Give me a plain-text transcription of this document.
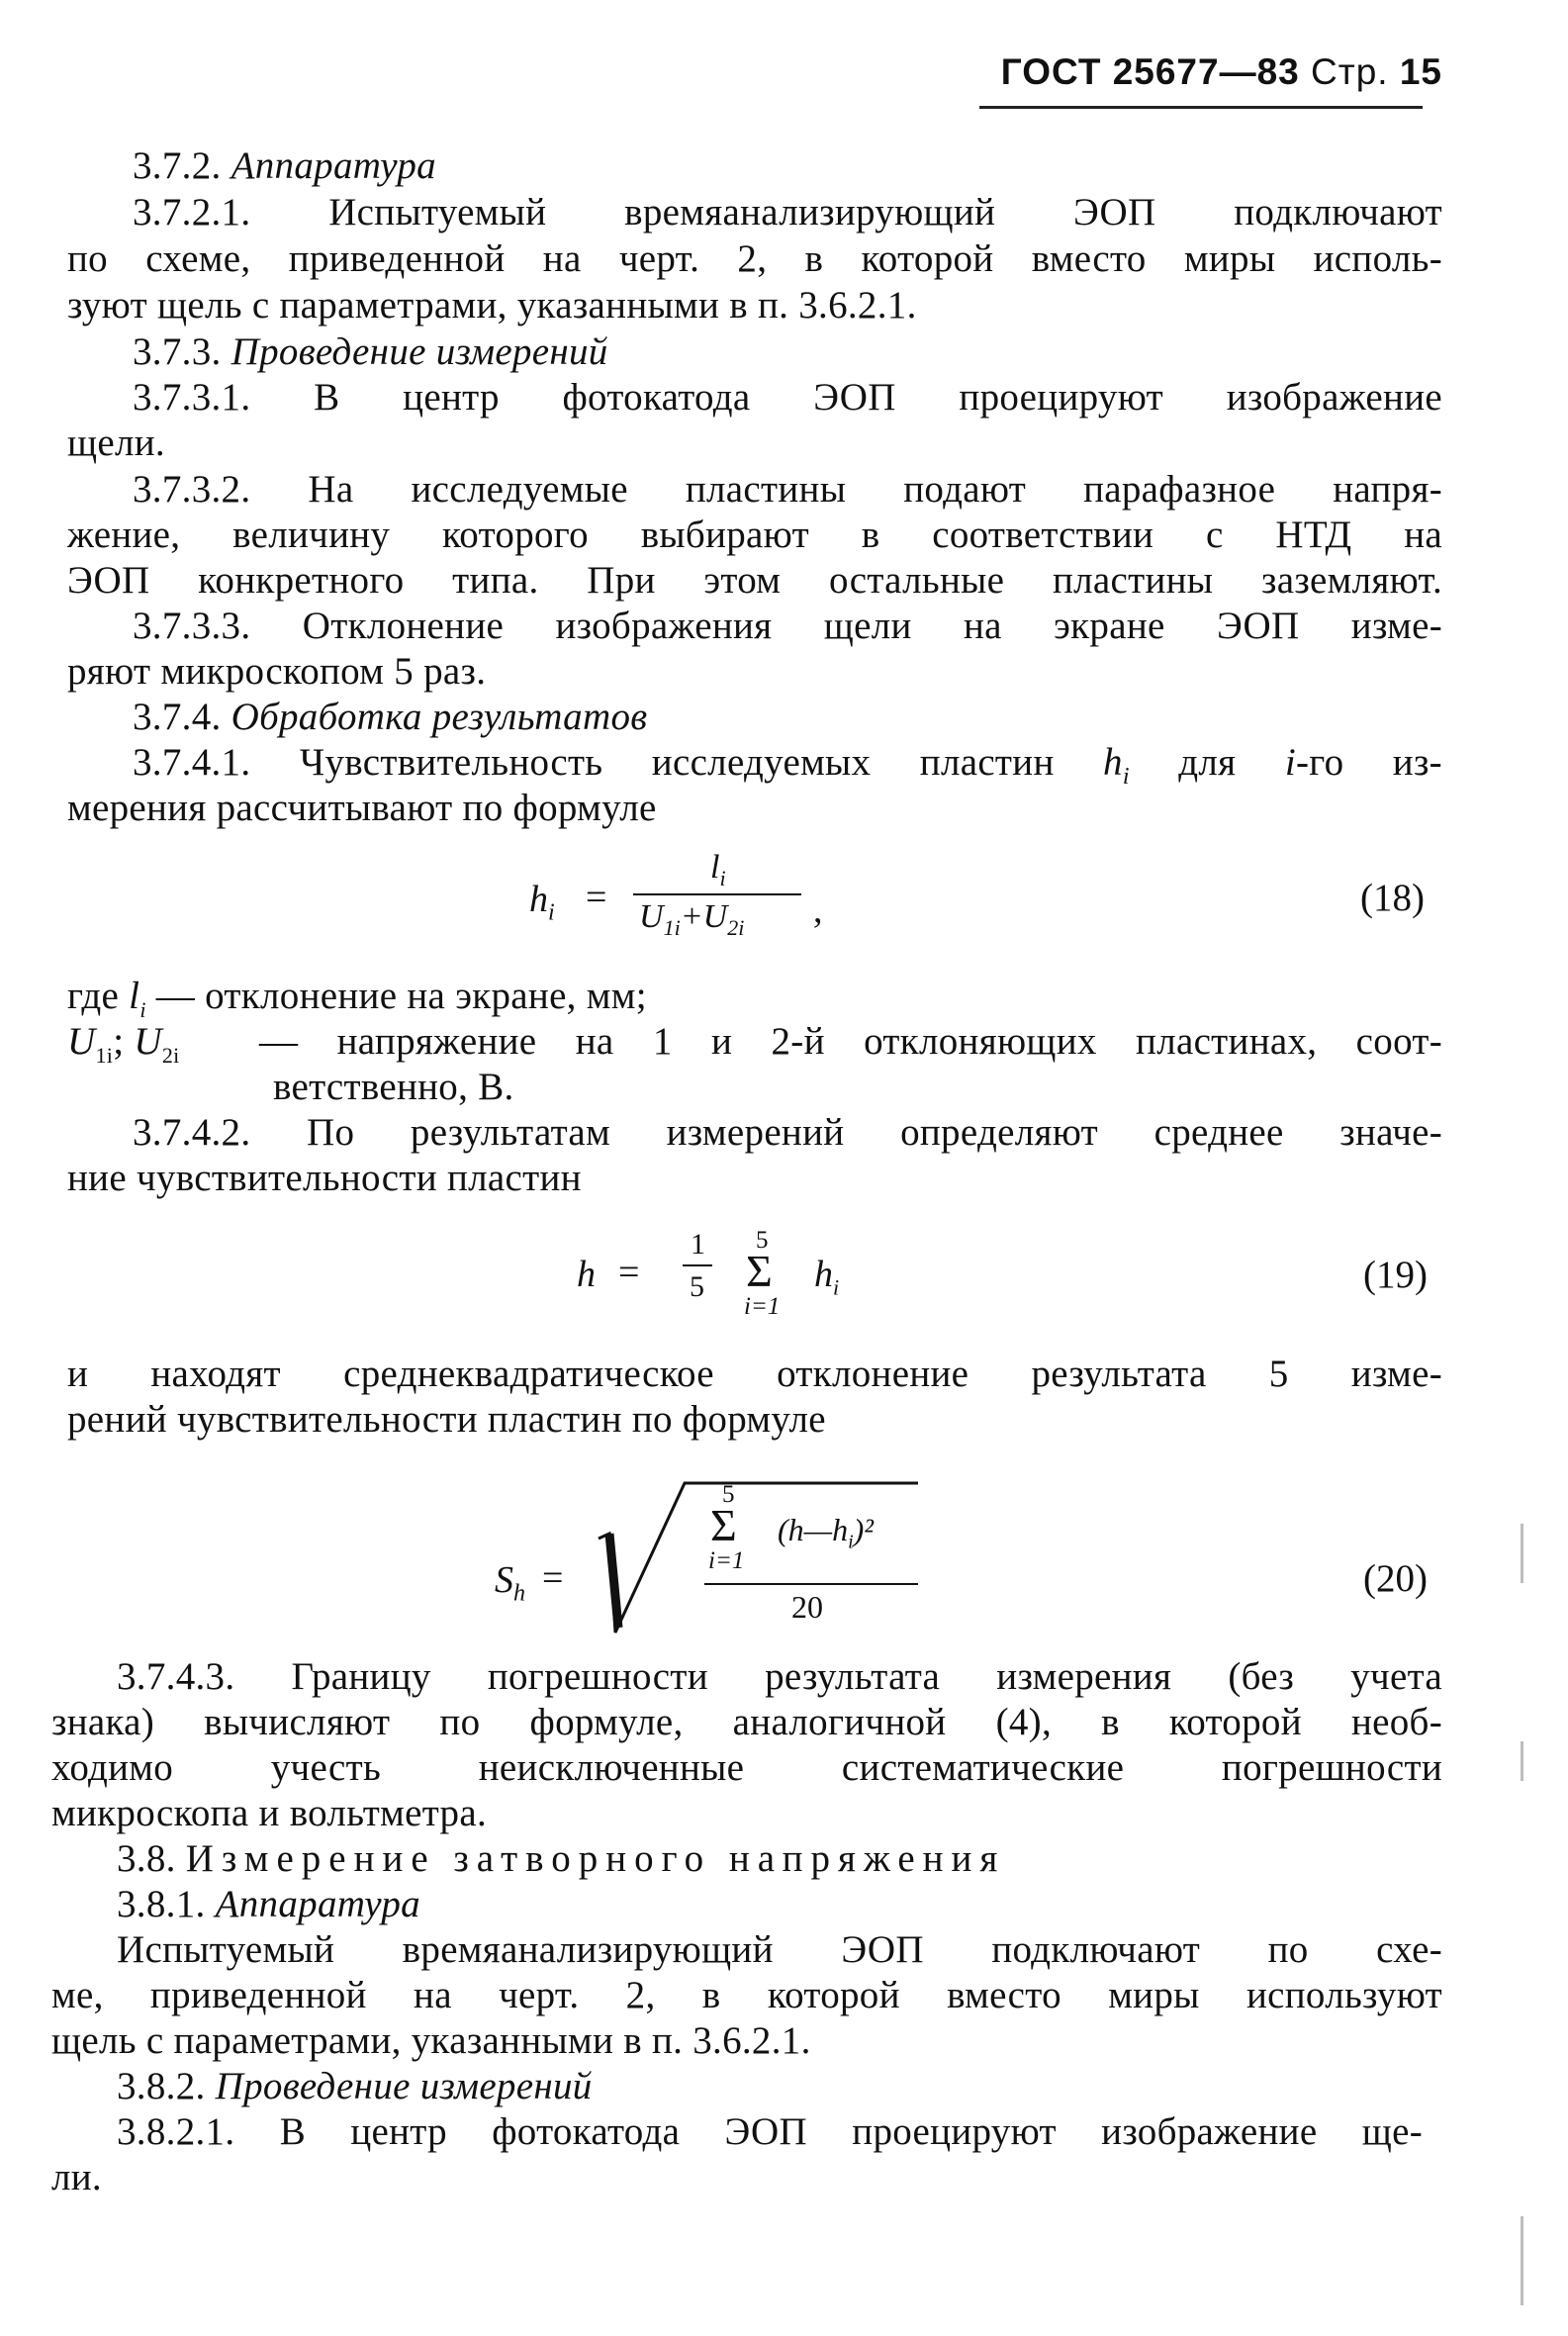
ГОСТ 25677—83 Стр. 15
3.7.2. Аппаратура
3.7.2.1. Испытуемый времяанализирующий ЭОП подключают
по схеме, приведенной на черт. 2, в которой вместо миры исполь-
зуют щель с параметрами, указанными в п. 3.6.2.1.
3.7.3. Проведение измерений
3.7.3.1. В центр фотокатода ЭОП проецируют изображение
щели.
3.7.3.2. На исследуемые пластины подают парафазное напря-
жение, величину которого выбирают в соответствии с НТД на
ЭОП конкретного типа. При этом остальные пластины заземляют.
3.7.3.3. Отклонение изображения щели на экране ЭОП изме-
ряют микроскопом 5 раз.
3.7.4. Обработка результатов
3.7.4.1. Чувствительность исследуемых пластин $h_i$ для i-го из-
мерения рассчитывают по формуле
$h_i$ =
$l_i$
$U_{1i}+U_{2i}$ ,	(18)
где $l_i$ — отклонение на экране, мм;
$U_{1i}$; $U_{2i}$ — напряжение на 1 и 2-й отклоняющих пластинах, соот-
ветственно, В.
3.7.4.2. По результатам измерений определяют среднее значе-
ние чувствительности пластин
h =
1
5
5
Σ
i=1
$h_i$	(19)
и находят среднеквадратическое отклонение результата 5 изме-
рений чувствительности пластин по формуле
$S_h$ =
5
Σ
i=1
$(h—h_i)^2$
20
(20)
3.7.4.3. Границу погрешности результата измерения (без учета
знака) вычисляют по формуле, аналогичной (4), в которой необ-
ходимо учесть неисключенные систематические погрешности
микроскопа и вольтметра.
3.8. Измерение затворного напряжения
3.8.1. Аппаратура
Испытуемый времяанализирующий ЭОП подключают по схе-
ме, приведенной на черт. 2, в которой вместо миры используют
щель с параметрами, указанными в п. 3.6.2.1.
3.8.2. Проведение измерений
3.8.2.1. В центр фотокатода ЭОП проецируют изображение ще-
ли.
